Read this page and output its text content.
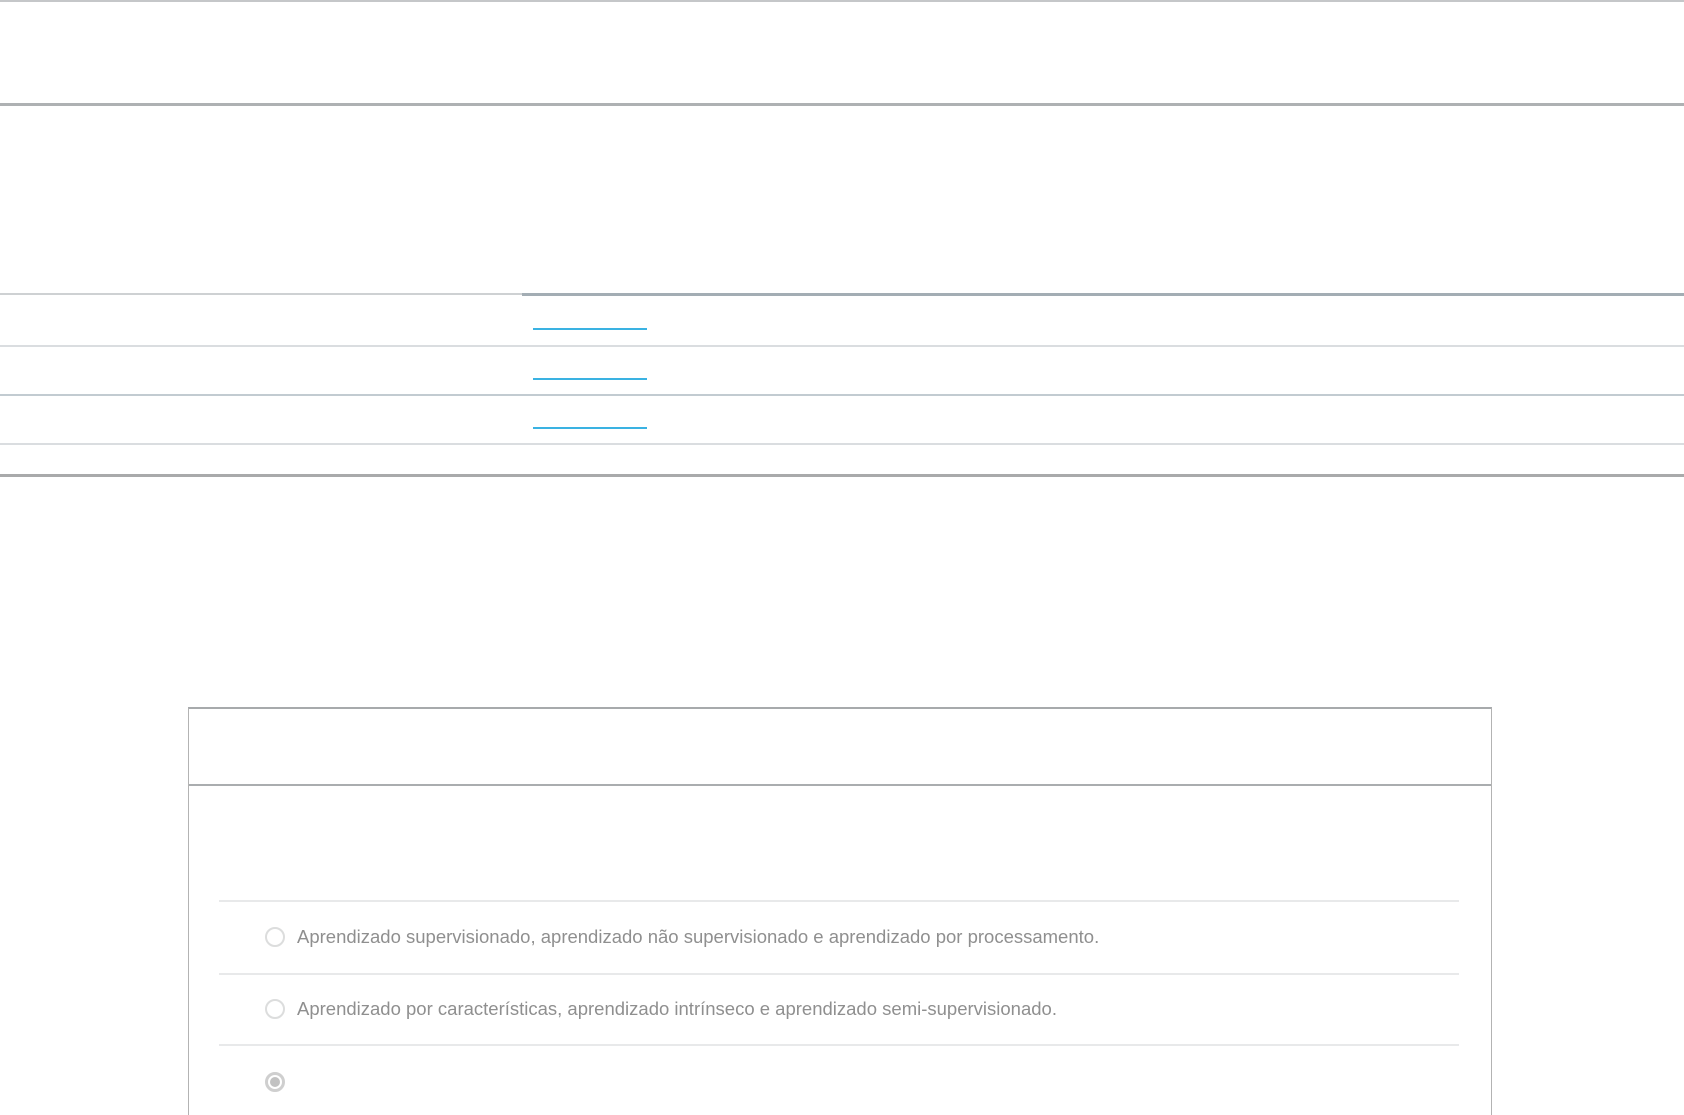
Aprendizado supervisionado, aprendizado não supervisionado e aprendizado por processamento.
Aprendizado por características, aprendizado intrínseco e aprendizado semi-supervisionado.
